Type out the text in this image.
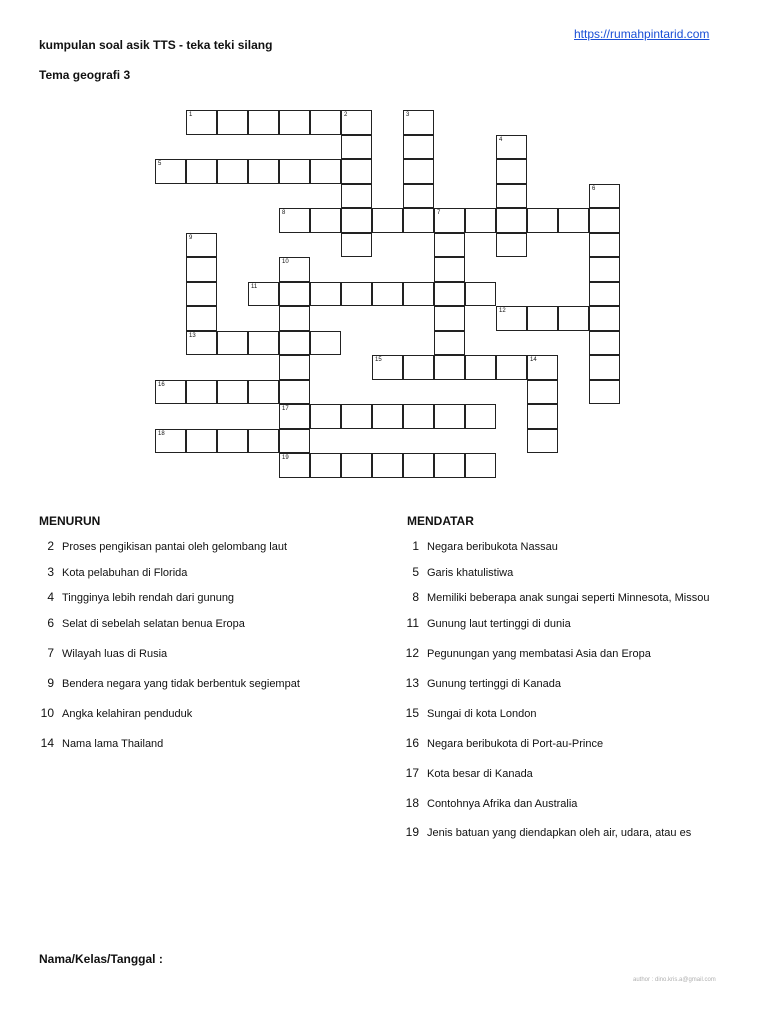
kumpulan soal asik TTS - teka teki silang
https://rumahpintarid.com
Tema geografi 3
1	2
5
8	7
11
12
13
15	14
16
17
18
19
3
4
6
9
10
MENURUN	MENDATAR
2 Proses pengikisan pantai oleh gelombang laut
3 Kota pelabuhan di Florida
4 Tingginya lebih rendah dari gunung
6 Selat di sebelah selatan benua Eropa
7 Wilayah luas di Rusia
9 Bendera negara yang tidak berbentuk segiempat
10 Angka kelahiran penduduk
14 Nama lama Thailand
1 Negara beribukota Nassau
5 Garis khatulistiwa
8 Memiliki beberapa anak sungai seperti Minnesota, Missou
11 Gunung laut tertinggi di dunia
12 Pegunungan yang membatasi Asia dan Eropa
13 Gunung tertinggi di Kanada
15 Sungai di kota London
16 Negara beribukota di Port-au-Prince
17 Kota besar di Kanada
18 Contohnya Afrika dan Australia
19 Jenis batuan yang diendapkan oleh air, udara, atau es
Nama/Kelas/Tanggal :
author : dino.kris.a@gmail.com
